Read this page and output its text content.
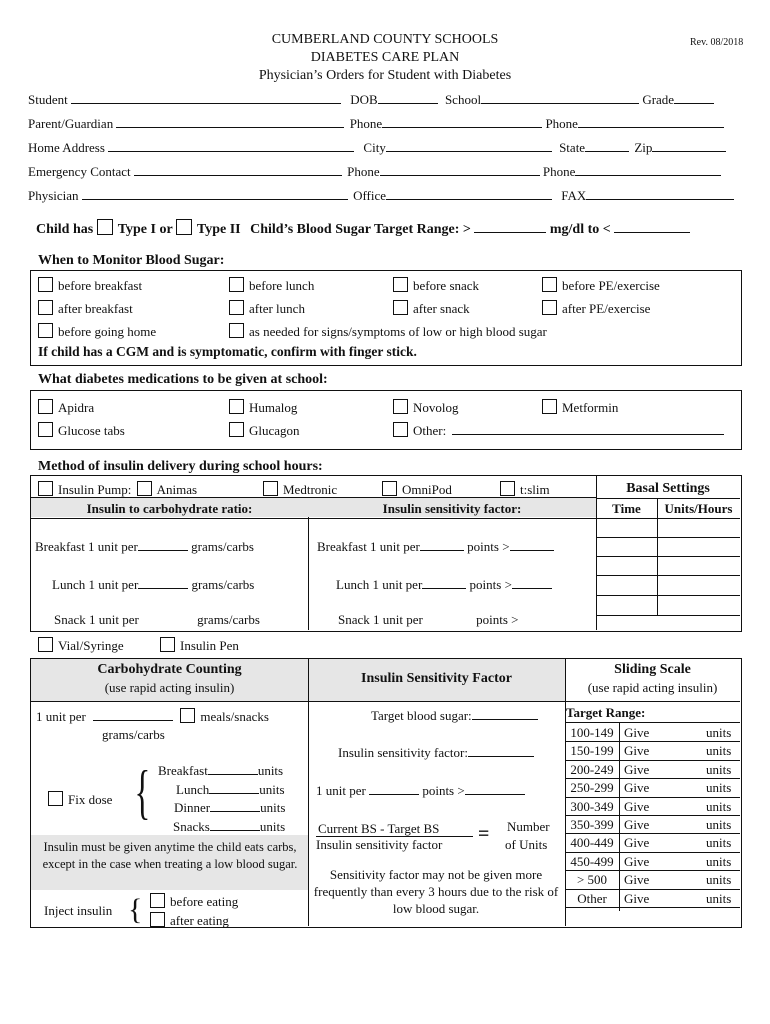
CUMBERLAND COUNTY SCHOOLS
DIABETES CARE PLAN
Physician’s Orders for Student with Diabetes
Rev. 08/2018
Student	DOB	School	Grade
Parent/Guardian	Phone	Phone
Home Address	City	State	Zip
Emergency Contact	Phone	Phone
Physician	Office	FAX
Child has Type I or Type II Child’s Blood Sugar Target Range: >	mg/dl to <
When to Monitor Blood Sugar:
before breakfast	before lunch	before snack	before PE/exercise
after breakfast	after lunch	after snack	after PE/exercise
before going home	as needed for signs/symptoms of low or high blood sugar
If child has a CGM and is symptomatic, confirm with finger stick.
What diabetes medications to be given at school:
Apidra	Humalog	Novolog	Metformin
Glucose tabs	Glucagon	Other:
Method of insulin delivery during school hours:
Insulin Pump: Animas	Medtronic	OmniPod	t:slim	Basal Settings
Insulin to carbohydrate ratio:	Insulin sensitivity factor:	Time	Units/Hours
Breakfast 1 unit per	grams/carbs
Lunch 1 unit per	grams/carbs
Snack 1 unit per	grams/carbs
Breakfast 1 unit per	points >
Lunch 1 unit per	points >
Snack 1 unit per	points >
Vial/Syringe	Insulin Pen
Carbohydrate Counting
(use rapid acting insulin)
Insulin Sensitivity Factor
Sliding Scale
(use rapid acting insulin)
1 unit per	meals/snacks
grams/carbs
Fix dose { Breakfast	units
Lunch	units
Dinner	units
Snacks	units
Insulin must be given anytime the child eats carbs, except in the case when treating a low blood sugar.
Inject insulin {	before eating
after eating
Target blood sugar:
Insulin sensitivity factor:
1 unit per	points >
Current BS - Target BS
Insulin sensitivity factor = Number
of Units
Sensitivity factor may not be given more frequently than every 3 hours due to the risk of low blood sugar.
Target Range:
100-149 Give	units
150-199 Give	units
200-249 Give	units
250-299 Give	units
300-349 Give	units
350-399 Give	units
400-449 Give	units
450-499 Give	units
> 500	Give	units
Other	Give	units
